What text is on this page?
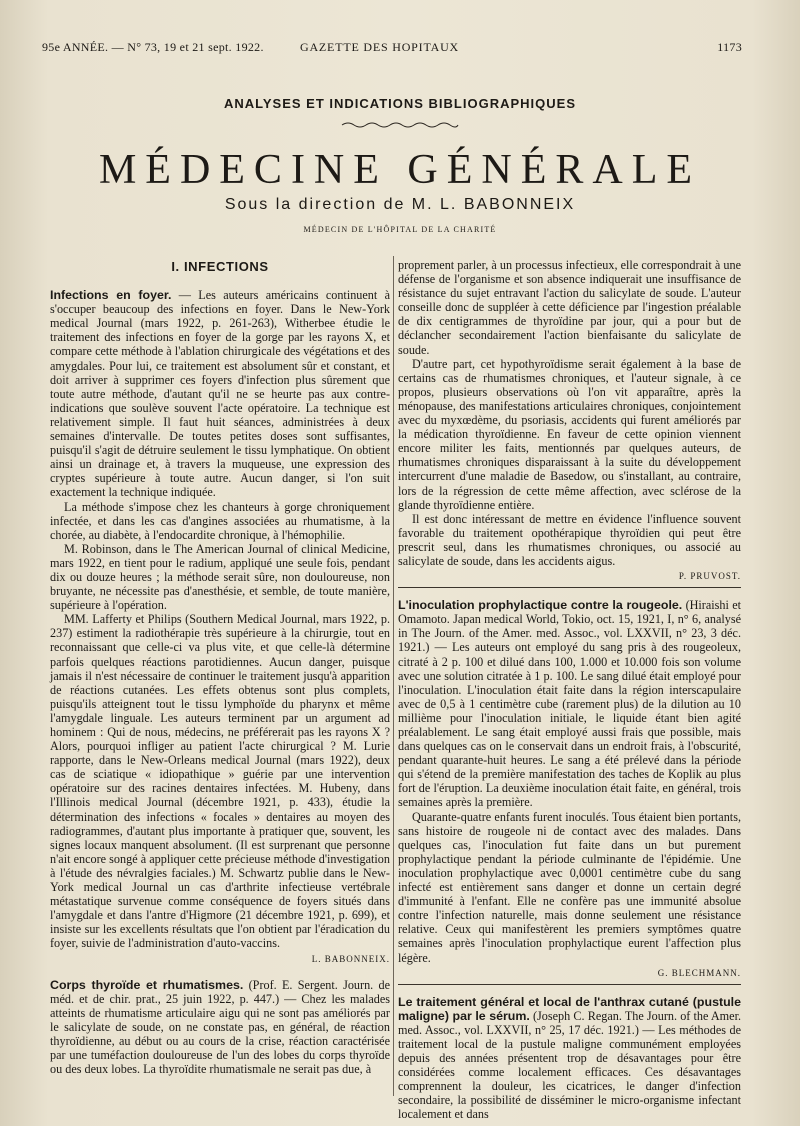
95e ANNÉE. — N° 73, 19 et 21 sept. 1922.	GAZETTE DES HOPITAUX	1173
ANALYSES ET INDICATIONS BIBLIOGRAPHIQUES
MÉDECINE GÉNÉRALE
Sous la direction de M. L. BABONNEIX
MÉDECIN DE L'HÔPITAL DE LA CHARITÉ
I. INFECTIONS

Infections en foyer. — Les auteurs américains continuent à s'occuper beaucoup des infections en foyer. Dans le New-York medical Journal (mars 1922, p. 261-263), Witherbee étudie le traitement des infections en foyer de la gorge par les rayons X, et compare cette méthode à l'ablation chirurgicale des végétations et des amygdales. Pour lui, ce traitement est absolument sûr et constant, et doit arriver à supprimer ces foyers d'infection plus sûrement que toute autre méthode, d'autant qu'il ne se heurte pas aux contre-indications que soulève souvent l'acte opératoire. La technique est relativement simple. Il faut huit séances, administrées à deux semaines d'intervalle. De toutes petites doses sont suffisantes, puisqu'il s'agit de détruire seulement le tissu lymphatique. On obtient ainsi un drainage et, à travers la muqueuse, une expression des cryptes supérieure à toute autre. Aucun danger, si l'on suit exactement la technique indiquée.

La méthode s'impose chez les chanteurs à gorge chroniquement infectée, et dans les cas d'angines associées au rhumatisme, à la chorée, au diabète, à l'endocardite chronique, à l'hémophilie.

M. Robinson, dans le The American Journal of clinical Medicine, mars 1922, en tient pour le radium, appliqué une seule fois, pendant dix ou douze heures ; la méthode serait sûre, non douloureuse, non bruyante, ne nécessite pas d'anesthésie, et semble, de toute manière, supérieure à l'opération.

MM. Lafferty et Philips (Southern Medical Journal, mars 1922, p. 237) estiment la radiothérapie très supérieure à la chirurgie, tout en reconnaissant que celle-ci va plus vite, et que celle-là détermine parfois quelques réactions parotidiennes. Aucun danger, puisque jamais il n'est nécessaire de continuer le traitement jusqu'à apparition de réactions cutanées. Les effets obtenus sont plus complets, puisqu'ils atteignent tout le tissu lymphoïde du pharynx et même l'amygdale linguale. Les auteurs terminent par un argument ad hominem : Qui de nous, médecins, ne préférerait pas les rayons X ? Alors, pourquoi infliger au patient l'acte chirurgical ? M. Lurie rapporte, dans le New-Orleans medical Journal (mars 1922), deux cas de sciatique « idiopathique » guérie par une intervention opératoire sur des racines dentaires infectées. M. Hubeny, dans l'Illinois medical Journal (décembre 1921, p. 433), étudie la détermination des infections « focales » dentaires au moyen des radiogrammes, d'autant plus importante à pratiquer que, souvent, les signes locaux manquent absolument. (Il est surprenant que personne n'ait encore songé à appliquer cette précieuse méthode d'investigation à l'étude des névralgies faciales.) M. Schwartz publie dans le New-York medical Journal un cas d'arthrite infectieuse vertébrale métastatique survenue comme conséquence de foyers situés dans l'amygdale et dans l'antre d'Higmore (21 décembre 1921, p. 699), et insiste sur les excellents résultats que l'on obtient par l'éradication du foyer, suivie de l'administration d'auto-vaccins.

L. BABONNEIX.

Corps thyroïde et rhumatismes. (Prof. E. Sergent. Journ. de méd. et de chir. prat., 25 juin 1922, p. 447.) — Chez les malades atteints de rhumatisme articulaire aigu qui ne sont pas améliorés par le salicylate de soude, on ne constate pas, en général, de réaction thyroïdienne, au début ou au cours de la crise, réaction caractérisée par une tuméfaction douloureuse de l'un des lobes du corps thyroïde ou des deux lobes. La thyroïdite rhumatismale ne serait pas due, à

proprement parler, à un processus infectieux, elle correspondrait à une défense de l'organisme et son absence indiquerait une insuffisance de résistance du sujet entravant l'action du salicylate de soude. L'auteur conseille donc de suppléer à cette déficience par l'ingestion préalable de dix centigrammes de thyroïdine par jour, qui a pour but de déclancher secondairement l'action bienfaisante du salicylate de soude.

D'autre part, cet hypothyroïdisme serait également à la base de certains cas de rhumatismes chroniques, et l'auteur signale, à ce propos, plusieurs observations où l'on vit apparaître, après la ménopause, des manifestations articulaires chroniques, conjointement avec du myxœdème, du psoriasis, accidents qui furent améliorés par la médication thyroïdienne. En faveur de cette opinion viennent encore militer les faits, mentionnés par quelques auteurs, de rhumatismes chroniques disparaissant à la suite du développement intercurrent d'une maladie de Basedow, ou s'installant, au contraire, lors de la régression de cette même affection, avec sclérose de la glande thyroïdienne entière.

Il est donc intéressant de mettre en évidence l'influence souvent favorable du traitement opothérapique thyroïdien qui peut être prescrit seul, dans les rhumatismes chroniques, ou associé au salicylate de soude, dans les accidents aigus.

P. PRUVOST.

L'inoculation prophylactique contre la rougeole. (Hiraishi et Omamoto. Japan medical World, Tokio, oct. 15, 1921, I, n° 6, analysé in The Journ. of the Amer. med. Assoc., vol. LXXVII, n° 23, 3 déc. 1921.) — Les auteurs ont employé du sang pris à des rougeoleux, citraté à 2 p. 100 et dilué dans 100, 1.000 et 10.000 fois son volume avec une solution citratée à 1 p. 100. Le sang dilué était employé pour l'inoculation. L'inoculation était faite dans la région interscapulaire avec de 0,5 à 1 centimètre cube (rarement plus) de la dilution au 10 millième pour l'inoculation initiale, le liquide étant bien agité préalablement. Le sang était employé aussi frais que possible, mais dans quelques cas on le conservait dans un endroit frais, à l'obscurité, pendant quarante-huit heures. Le sang a été prélevé dans la période qui s'étend de la première manifestation des taches de Koplik au plus fort de l'éruption. La deuxième inoculation était faite, en général, trois semaines après la première.

Quarante-quatre enfants furent inoculés. Tous étaient bien portants, sans histoire de rougeole ni de contact avec des malades. Dans quelques cas, l'inoculation fut faite dans un but purement prophylactique pendant la période culminante de l'épidémie. Une inoculation prophylactique avec 0,0001 centimètre cube du sang infecté est entièrement sans danger et donne un certain degré d'immunité à l'enfant. Elle ne confère pas une immunité absolue contre l'infection naturelle, mais donne seulement une résistance relative. Ceux qui manifestèrent les premiers symptômes quatre semaines après l'inoculation prophylactique eurent l'affection plus légère.

G. BLECHMANN.

Le traitement général et local de l'anthrax cutané (pustule maligne) par le sérum. (Joseph C. Regan. The Journ. of the Amer. med. Assoc., vol. LXXVII, n° 25, 17 déc. 1921.) — Les méthodes de traitement local de la pustule maligne communément employées depuis des années présentent trop de désavantages pour être considérées comme localement efficaces. Ces désavantages comprennent la douleur, les cicatrices, le danger d'infection secondaire, la possibilité de disséminer le micro-organisme infectant localement et dans
